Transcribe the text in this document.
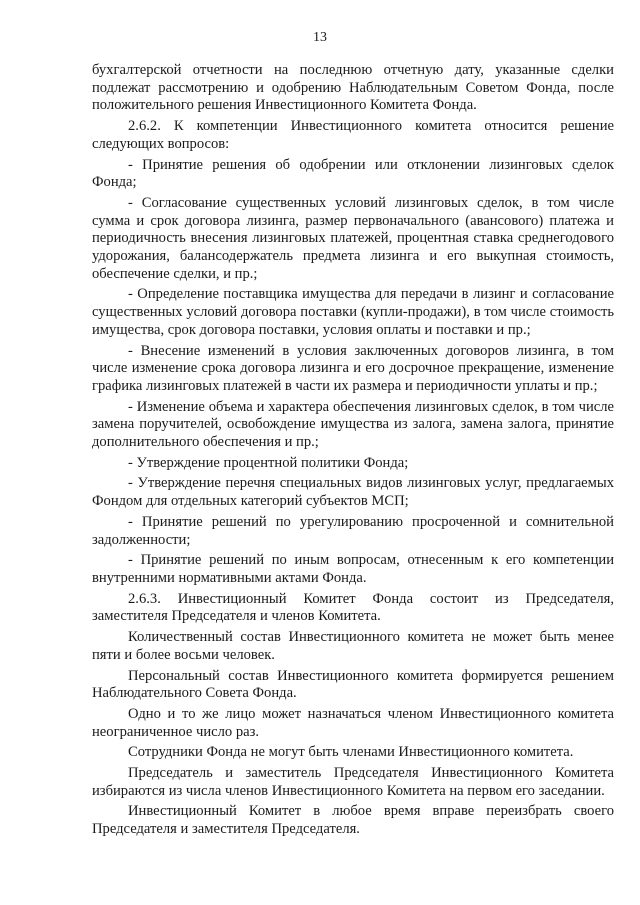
13

бухгалтерской отчетности на последнюю отчетную дату, указанные сделки подлежат рассмотрению и одобрению Наблюдательным Советом Фонда, после положительного решения Инвестиционного Комитета Фонда.

2.6.2. К компетенции Инвестиционного комитета относится решение следующих вопросов:

- Принятие решения об одобрении или отклонении лизинговых сделок Фонда;

- Согласование существенных условий лизинговых сделок, в том числе сумма и срок договора лизинга, размер первоначального (авансового) платежа и периодичность внесения лизинговых платежей, процентная ставка среднегодового удорожания, балансодержатель предмета лизинга и его выкупная стоимость, обеспечение сделки, и пр.;

- Определение поставщика имущества для передачи в лизинг и согласование существенных условий договора поставки (купли-продажи), в том числе стоимость имущества, срок договора поставки, условия оплаты и поставки и пр.;

- Внесение изменений в условия заключенных договоров лизинга, в том числе изменение срока договора лизинга и его досрочное прекращение, изменение графика лизинговых платежей в части их размера и периодичности уплаты и пр.;

- Изменение объема и характера обеспечения лизинговых сделок, в том числе замена поручителей, освобождение имущества из залога, замена залога, принятие дополнительного обеспечения и пр.;

- Утверждение процентной политики Фонда;

- Утверждение перечня специальных видов лизинговых услуг, предлагаемых Фондом для отдельных категорий субъектов МСП;

- Принятие решений по урегулированию просроченной и сомнительной задолженности;

- Принятие решений по иным вопросам, отнесенным к его компетенции внутренними нормативными актами Фонда.

2.6.3. Инвестиционный Комитет Фонда состоит из Председателя, заместителя Председателя и членов Комитета.

Количественный состав Инвестиционного комитета не может быть менее пяти и более восьми человек.

Персональный состав Инвестиционного комитета формируется решением Наблюдательного Совета Фонда.

Одно и то же лицо может назначаться членом Инвестиционного комитета неограниченное число раз.

Сотрудники Фонда не могут быть членами Инвестиционного комитета.

Председатель и заместитель Председателя Инвестиционного Комитета избираются из числа членов Инвестиционного Комитета на первом его заседании.

Инвестиционный Комитет в любое время вправе переизбрать своего Председателя и заместителя Председателя.
